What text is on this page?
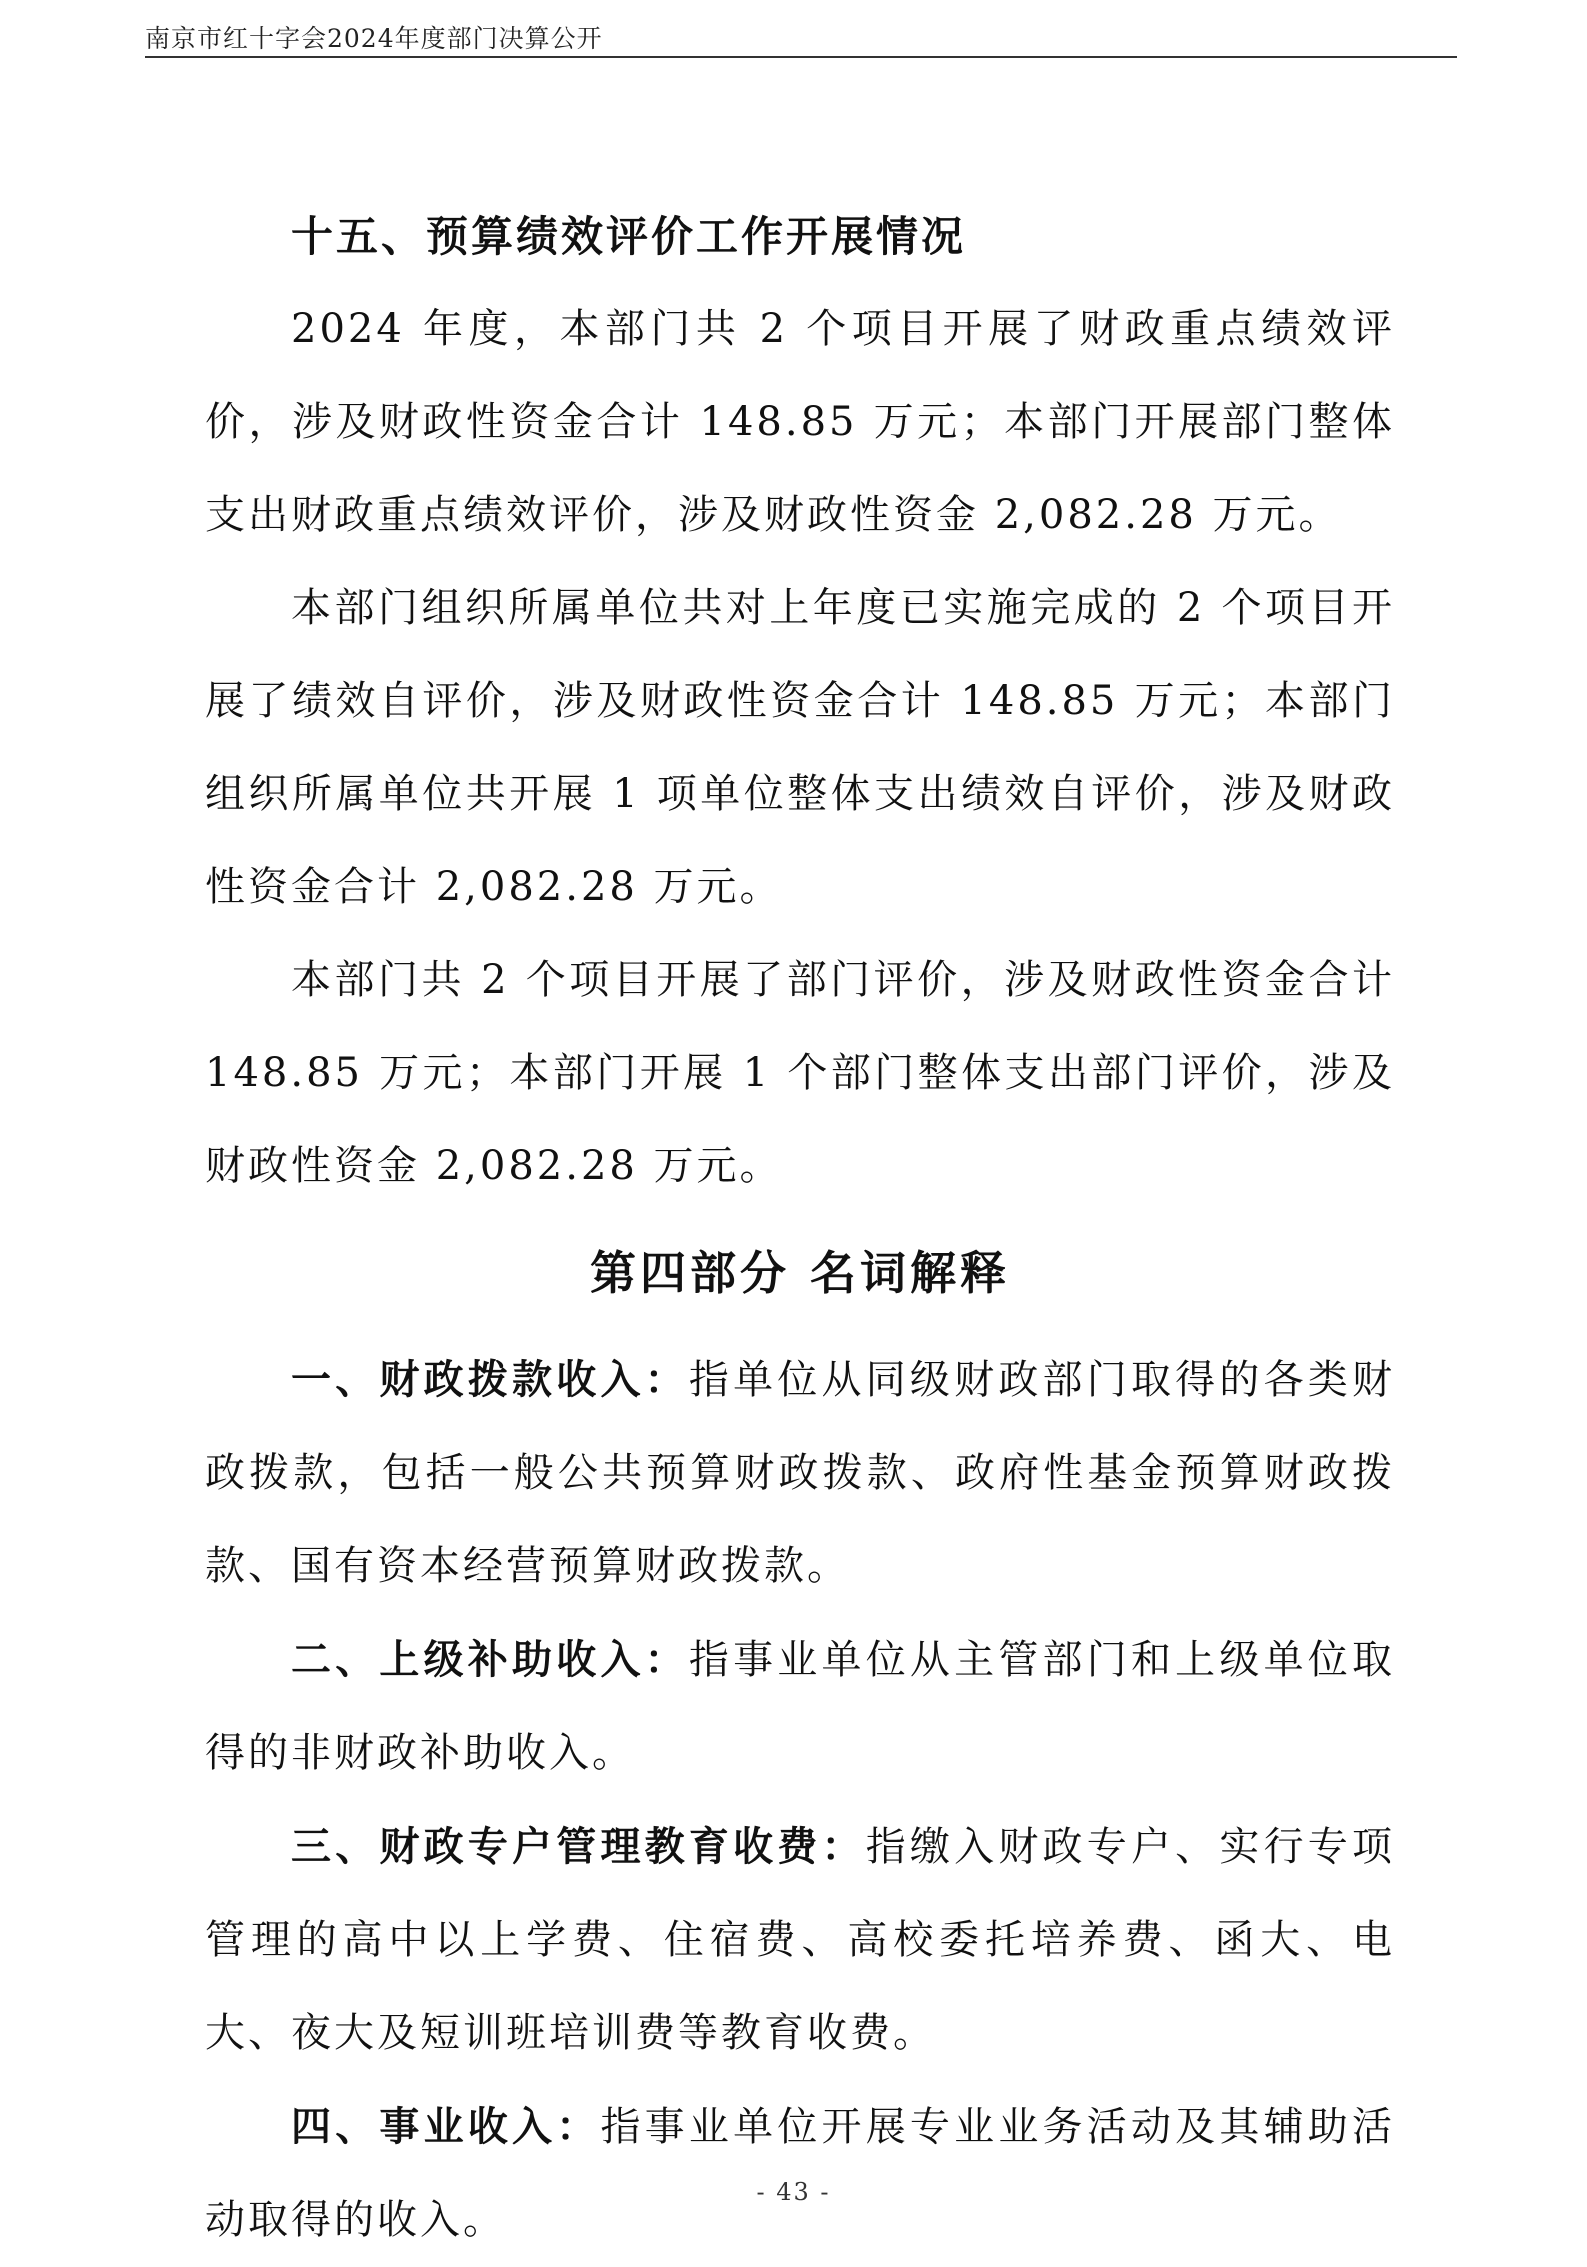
南京市红十字会2024年度部门决算公开

十五、预算绩效评价工作开展情况

2024 年度，本部门共 2 个项目开展了财政重点绩效评价，涉及财政性资金合计 148.85 万元；本部门开展部门整体支出财政重点绩效评价，涉及财政性资金 2,082.28 万元。

本部门组织所属单位共对上年度已实施完成的 2 个项目开展了绩效自评价，涉及财政性资金合计 148.85 万元；本部门组织所属单位共开展 1 项单位整体支出绩效自评价，涉及财政性资金合计 2,082.28 万元。

本部门共 2 个项目开展了部门评价，涉及财政性资金合计 148.85 万元；本部门开展 1 个部门整体支出部门评价，涉及财政性资金 2,082.28 万元。

第四部分 名词解释

一、财政拨款收入：指单位从同级财政部门取得的各类财政拨款，包括一般公共预算财政拨款、政府性基金预算财政拨款、国有资本经营预算财政拨款。

二、上级补助收入：指事业单位从主管部门和上级单位取得的非财政补助收入。

三、财政专户管理教育收费：指缴入财政专户、实行专项管理的高中以上学费、住宿费、高校委托培养费、函大、电大、夜大及短训班培训费等教育收费。

四、事业收入：指事业单位开展专业业务活动及其辅助活动取得的收入。

- 43 -
